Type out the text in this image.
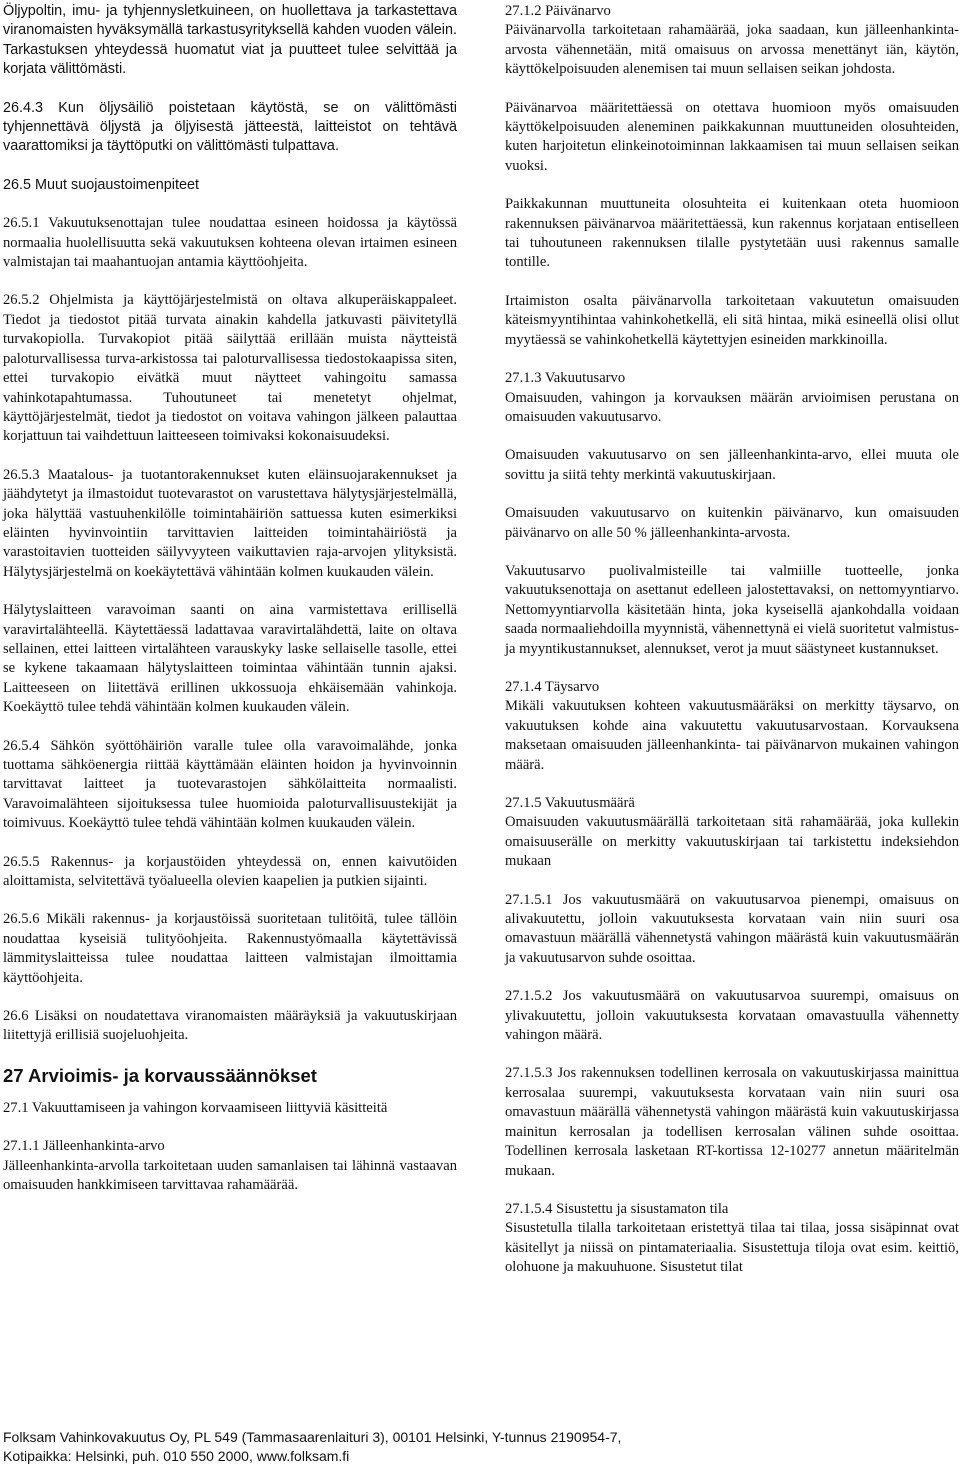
Öljypoltin, imu- ja tyhjennysletkuineen, on huollettava ja tarkastettava viranomaisten hyväksymällä tarkastusyrityksellä kahden vuoden välein. Tarkastuksen yhteydessä huomatut viat ja puutteet tulee selvittää ja korjata välittömästi.

26.4.3 Kun öljysäiliö poistetaan käytöstä, se on välittömästi tyhjennettävä öljystä ja öljyisestä jätteestä, laitteistot on tehtävä vaarattomiksi ja täyttöputki on välittömästi tulpattava.

26.5 Muut suojaustoimenpiteet

26.5.1 Vakuutuksenottajan tulee noudattaa esineen hoidossa ja käytössä normaalia huolellisuutta sekä vakuutuksen kohteena olevan irtaimen esineen valmistajan tai maahantuojan antamia käyttöohjeita.

26.5.2 Ohjelmista ja käyttöjärjestelmistä on oltava alkuperäiskappaleet. Tiedot ja tiedostot pitää turvata ainakin kahdella jatkuvasti päivitetyllä turvakopiolla. Turvakopiot pitää säilyttää erillään muista näytteistä paloturvallisessa turva-arkistossa tai paloturvallisessa tiedostokaapissa siten, ettei turvakopio eivätkä muut näytteet vahingoitu samassa vahinkotapahtumassa. Tuhoutuneet tai menetetyt ohjelmat, käyttöjärjestelmät, tiedot ja tiedostot on voitava vahingon jälkeen palauttaa korjattuun tai vaihdettuun laitteeseen toimivaksi kokonaisuudeksi.

26.5.3 Maatalous- ja tuotantorakennukset kuten eläinsuojarakennukset ja jäähdytetyt ja ilmastoidut tuotevarastot on varustettava hälytysjärjestelmällä, joka hälyttää vastuuhenkilölle toimintahäiriön sattuessa kuten esimerkiksi eläinten hyvinvointiin tarvittavien laitteiden toimintahäiriöstä ja varastoitavien tuotteiden säilyvyyteen vaikuttavien raja-arvojen ylityksistä. Hälytysjärjestelmä on koekäytettävä vähintään kolmen kuukauden välein.

Hälytyslaitteen varavoiman saanti on aina varmistettava erillisellä varavirtalähteellä. Käytettäessä ladattavaa varavirtalähdettä, laite on oltava sellainen, ettei laitteen virtalähteen varauskyky laske sellaiselle tasolle, ettei se kykene takaamaan hälytyslaitteen toimintaa vähintään tunnin ajaksi. Laitteeseen on liitettävä erillinen ukkossuoja ehkäisemään vahinkoja. Koekäyttö tulee tehdä vähintään kolmen kuukauden välein.

26.5.4 Sähkön syöttöhäiriön varalle tulee olla varavoimalähde, jonka tuottama sähköenergia riittää käyttämään eläinten hoidon ja hyvinvoinnin tarvittavat laitteet ja tuotevarastojen sähkölaitteita normaalisti. Varavoimalähteen sijoituksessa tulee huomioida paloturvallisuustekijät ja toimivuus. Koekäyttö tulee tehdä vähintään kolmen kuukauden välein.

26.5.5 Rakennus- ja korjaustöiden yhteydessä on, ennen kaivutöiden aloittamista, selvitettävä työalueella olevien kaapelien ja putkien sijainti.

26.5.6 Mikäli rakennus- ja korjaustöissä suoritetaan tulitöitä, tulee tällöin noudattaa kyseisiä tulityöohjeita. Rakennustyömaalla käytettävissä lämmityslaitteissa tulee noudattaa laitteen valmistajan ilmoittamia käyttöohjeita.

26.6 Lisäksi on noudatettava viranomaisten määräyksiä ja vakuutuskirjaan liitettyjä erillisiä suojeluohjeita.

27 Arvioimis- ja korvaussäännökset

27.1 Vakuuttamiseen ja vahingon korvaamiseen liittyviä käsitteitä

27.1.1 Jälleenhankinta-arvo
Jälleenhankinta-arvolla tarkoitetaan uuden samanlaisen tai lähinnä vastaavan omaisuuden hankkimiseen tarvittavaa rahamäärää.

27.1.2 Päivänarvo
Päivänarvolla tarkoitetaan rahamäärää, joka saadaan, kun jälleenhankinta-arvosta vähennetään, mitä omaisuus on arvossa menettänyt iän, käytön, käyttökelpoisuuden alenemisen tai muun sellaisen seikan johdosta.

Päivänarvoa määritettäessä on otettava huomioon myös omaisuuden käyttökelpoisuuden aleneminen paikkakunnan muuttuneiden olosuhteiden, kuten harjoitetun elinkeinotoiminnan lakkaamisen tai muun sellaisen seikan vuoksi.

Paikkakunnan muuttuneita olosuhteita ei kuitenkaan oteta huomioon rakennuksen päivänarvoa määritettäessä, kun rakennus korjataan entiselleen tai tuhoutuneen rakennuksen tilalle pystytetään uusi rakennus samalle tontille.

Irtaimiston osalta päivänarvolla tarkoitetaan vakuutetun omaisuuden käteismyyntihintaa vahinkohetkellä, eli sitä hintaa, mikä esineellä olisi ollut myytäessä se vahinkohetkellä käytettyjen esineiden markkinoilla.

27.1.3 Vakuutusarvo
Omaisuuden, vahingon ja korvauksen määrän arvioimisen perustana on omaisuuden vakuutusarvo.

Omaisuuden vakuutusarvo on sen jälleenhankinta-arvo, ellei muuta ole sovittu ja siitä tehty merkintä vakuutuskirjaan.

Omaisuuden vakuutusarvo on kuitenkin päivänarvo, kun omaisuuden päivänarvo on alle 50 % jälleenhankinta-arvosta.

Vakuutusarvo puolivalmisteille tai valmiille tuotteelle, jonka vakuutuksenottaja on asettanut edelleen jalostettavaksi, on nettomyyntiarvo. Nettomyyntiarvolla käsitetään hinta, joka kyseisellä ajankohdalla voidaan saada normaaliehdoilla myynnistä, vähennettynä ei vielä suoritetut valmistus- ja myyntikustannukset, alennukset, verot ja muut säästyneet kustannukset.

27.1.4 Täysarvo
Mikäli vakuutuksen kohteen vakuutusmääräksi on merkitty täysarvo, on vakuutuksen kohde aina vakuutettu vakuutusarvostaan. Korvauksena maksetaan omaisuuden jälleenhankinta- tai päivänarvon mukainen vahingon määrä.

27.1.5 Vakuutusmäärä
Omaisuuden vakuutusmäärällä tarkoitetaan sitä rahamäärää, joka kullekin omaisuuserälle on merkitty vakuutuskirjaan tai tarkistettu indeksiehdon mukaan

27.1.5.1 Jos vakuutusmäärä on vakuutusarvoa pienempi, omaisuus on alivakuutettu, jolloin vakuutuksesta korvataan vain niin suuri osa omavastuun määrällä vähennetystä vahingon määrästä kuin vakuutusmäärän ja vakuutusarvon suhde osoittaa.

27.1.5.2 Jos vakuutusmäärä on vakuutusarvoa suurempi, omaisuus on ylivakuutettu, jolloin vakuutuksesta korvataan omavastuulla vähennetty vahingon määrä.

27.1.5.3 Jos rakennuksen todellinen kerrosala on vakuutuskirjassa mainittua kerrosalaa suurempi, vakuutuksesta korvataan vain niin suuri osa omavastuun määrällä vähennetystä vahingon määrästä kuin vakuutuskirjassa mainitun kerrosalan ja todellisen kerrosalan välinen suhde osoittaa. Todellinen kerrosala lasketaan RT-kortissa 12-10277 annetun määritelmän mukaan.

27.1.5.4 Sisustettu ja sisustamaton tila
Sisustetulla tilalla tarkoitetaan eristettyä tilaa tai tilaa, jossa sisäpinnat ovat käsitellyt ja niissä on pintamateriaalia. Sisustettuja tiloja ovat esim. keittiö, olohuone ja makuuhuone. Sisustetut tilat

Folksam Vahinkovakuutus Oy, PL 549 (Tammasaarenlaituri 3), 00101 Helsinki, Y-tunnus 2190954-7,
Kotipaikka: Helsinki, puh. 010 550 2000, www.folksam.fi
